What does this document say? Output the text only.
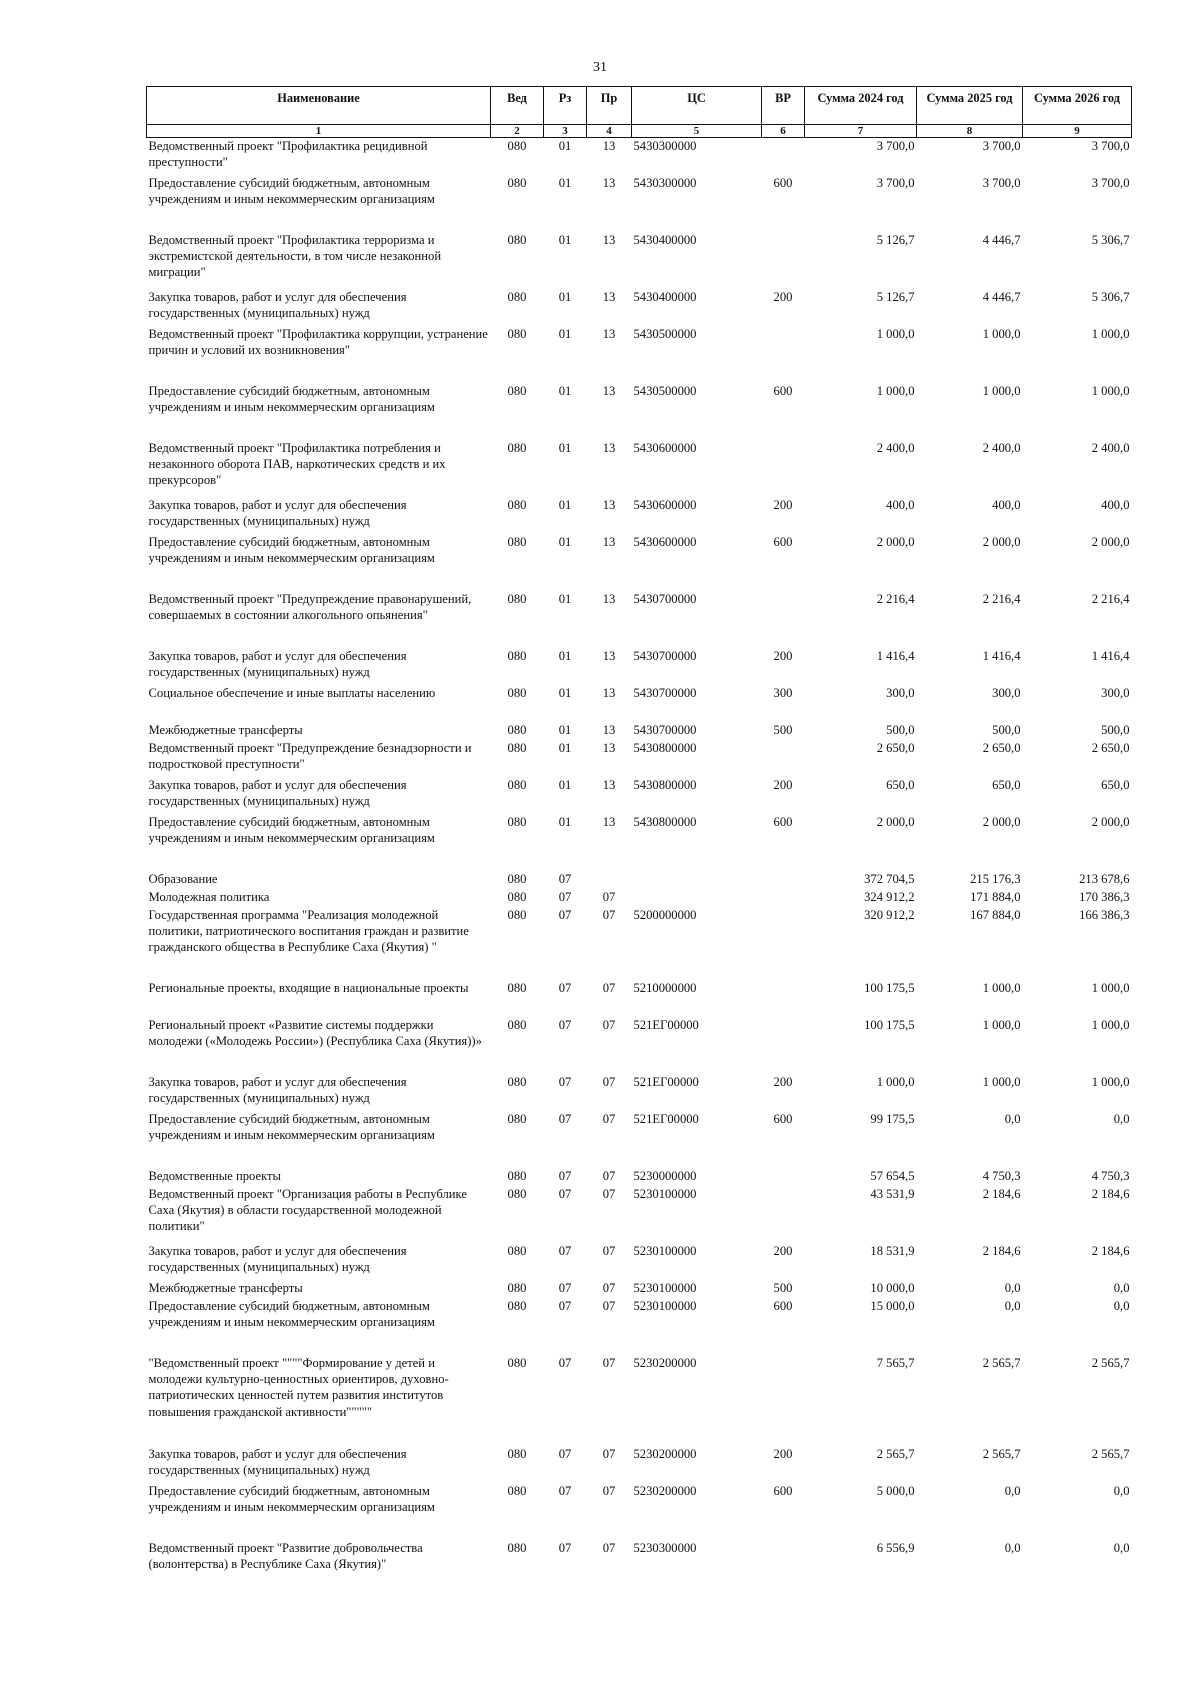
31
Наименование	Вед	Рз	Пр	ЦС	ВР	Сумма 2024 год	Сумма 2025 год	Сумма 2026 год
1	2	3	4	5	6	7	8	9
Ведомственный проект "Профилактика рецидивной преступности"	080	01	13	5430300000		3 700,0	3 700,0	3 700,0
Предоставление субсидий бюджетным, автономным учреждениям и иным некоммерческим организациям	080	01	13	5430300000	600	3 700,0	3 700,0	3 700,0
Ведомственный проект "Профилактика терроризма и экстремистской деятельности, в том числе незаконной миграции"	080	01	13	5430400000		5 126,7	4 446,7	5 306,7
Закупка товаров, работ и услуг для обеспечения государственных (муниципальных) нужд	080	01	13	5430400000	200	5 126,7	4 446,7	5 306,7
Ведомственный проект "Профилактика коррупции, устранение причин и условий их возникновения"	080	01	13	5430500000		1 000,0	1 000,0	1 000,0
Предоставление субсидий бюджетным, автономным учреждениям и иным некоммерческим организациям	080	01	13	5430500000	600	1 000,0	1 000,0	1 000,0
Ведомственный проект "Профилактика потребления и незаконного оборота ПАВ, наркотических средств и их прекурсоров"	080	01	13	5430600000		2 400,0	2 400,0	2 400,0
Закупка товаров, работ и услуг для обеспечения государственных (муниципальных) нужд	080	01	13	5430600000	200	400,0	400,0	400,0
Предоставление субсидий бюджетным, автономным учреждениям и иным некоммерческим организациям	080	01	13	5430600000	600	2 000,0	2 000,0	2 000,0
Ведомственный проект "Предупреждение правонарушений, совершаемых в состоянии алкогольного опьянения"	080	01	13	5430700000		2 216,4	2 216,4	2 216,4
Закупка товаров, работ и услуг для обеспечения государственных (муниципальных) нужд	080	01	13	5430700000	200	1 416,4	1 416,4	1 416,4
Социальное обеспечение и иные выплаты населению	080	01	13	5430700000	300	300,0	300,0	300,0
Межбюджетные трансферты	080	01	13	5430700000	500	500,0	500,0	500,0
Ведомственный проект "Предупреждение безнадзорности и подростковой преступности"	080	01	13	5430800000		2 650,0	2 650,0	2 650,0
Закупка товаров, работ и услуг для обеспечения государственных (муниципальных) нужд	080	01	13	5430800000	200	650,0	650,0	650,0
Предоставление субсидий бюджетным, автономным учреждениям и иным некоммерческим организациям	080	01	13	5430800000	600	2 000,0	2 000,0	2 000,0
Образование	080	07				372 704,5	215 176,3	213 678,6
Молодежная политика	080	07	07			324 912,2	171 884,0	170 386,3
Государственная программа "Реализация молодежной политики, патриотического воспитания граждан и развитие гражданского общества в Республике Саха (Якутия) "	080	07	07	5200000000		320 912,2	167 884,0	166 386,3
Региональные проекты, входящие в национальные проекты	080	07	07	5210000000		100 175,5	1 000,0	1 000,0
Региональный проект «Развитие системы поддержки молодежи («Молодежь России») (Республика Саха (Якутия))»	080	07	07	521ЕГ00000		100 175,5	1 000,0	1 000,0
Закупка товаров, работ и услуг для обеспечения государственных (муниципальных) нужд	080	07	07	521ЕГ00000	200	1 000,0	1 000,0	1 000,0
Предоставление субсидий бюджетным, автономным учреждениям и иным некоммерческим организациям	080	07	07	521ЕГ00000	600	99 175,5	0,0	0,0
Ведомственные проекты	080	07	07	5230000000		57 654,5	4 750,3	4 750,3
Ведомственный проект "Организация работы в Республике Саха (Якутия) в области государственной молодежной политики"	080	07	07	5230100000		43 531,9	2 184,6	2 184,6
Закупка товаров, работ и услуг для обеспечения государственных (муниципальных) нужд	080	07	07	5230100000	200	18 531,9	2 184,6	2 184,6
Межбюджетные трансферты	080	07	07	5230100000	500	10 000,0	0,0	0,0
Предоставление субсидий бюджетным, автономным учреждениям и иным некоммерческим организациям	080	07	07	5230100000	600	15 000,0	0,0	0,0
"Ведомственный проект """"Формирование у детей и молодежи культурно-ценностных ориентиров, духовно-патриотических ценностей путем развития институтов повышения гражданской активности"""""	080	07	07	5230200000		7 565,7	2 565,7	2 565,7
Закупка товаров, работ и услуг для обеспечения государственных (муниципальных) нужд	080	07	07	5230200000	200	2 565,7	2 565,7	2 565,7
Предоставление субсидий бюджетным, автономным учреждениям и иным некоммерческим организациям	080	07	07	5230200000	600	5 000,0	0,0	0,0
Ведомственный проект "Развитие добровольчества (волонтерства) в Республике Саха (Якутия)"	080	07	07	5230300000		6 556,9	0,0	0,0
